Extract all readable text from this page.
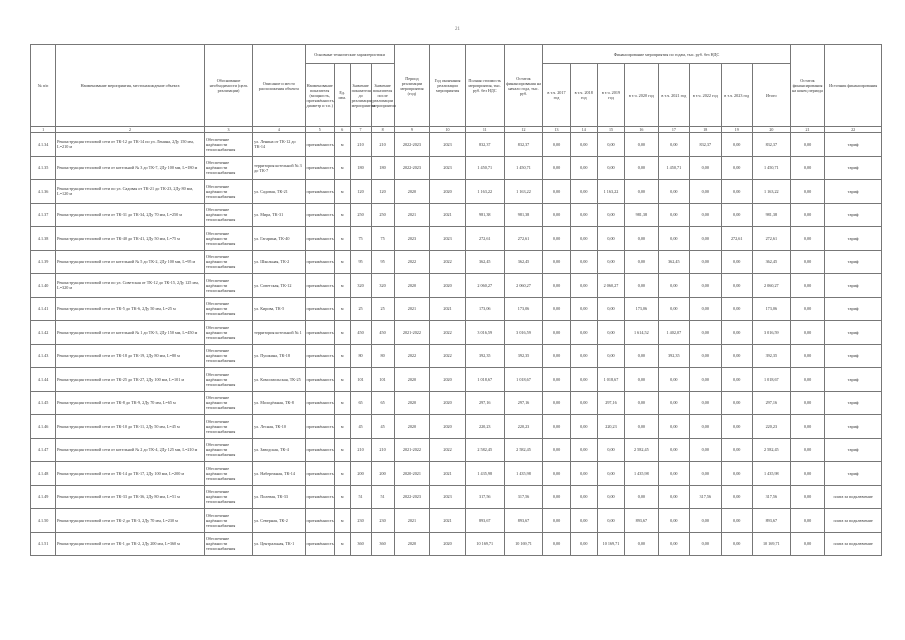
21
№ п/п	Наименование мероприятия, местонахождение объекта	Обоснование необходимости (цель реализации)	Описание и место расположения объекта	Основные технические характеристики				Период реализации мероприятия (год)	Год окончания реализации мероприятия	Полная стоимость мероприятия, тыс. руб. без НДС	Остаток финансирования на начало года, тыс. руб.	Финансирование мероприятия по годам, тыс. руб. без НДС								Остаток финансирования на конец периода	Источник финансирования
				Наименование показателя (мощность, протяжённость, диаметр и т.п.)	Ед. изм.	Значение показателя до реализации мероприятия	Значение показателя после реализации мероприятия					в т.ч. 2017 год	в т.ч. 2018 год	в т.ч. 2019 год	в т.ч. 2020 год	в т.ч. 2021 год	в т.ч. 2022 год	в т.ч. 2023 год	Итого		
1	2	3	4	5	6	7	8	9	10	11	12	13	14	15	16	17	18	19	20	21	22
4.1.34	Реконструкция тепловой сети от ТК-12 до ТК-14 по ул. Ленина, 2Ду 150 мм, L=210 м	Обеспечение надёжности теплоснабжения	ул. Ленина от ТК-12 до ТК-14	протяжённость	м	210	210	2022-2023	2023	832,37	832,37	0,00	0,00	0,00	0,00	0,00	832,37	0,00	832,37	0,00	тариф
4.1.35	Реконструкция тепловой сети от котельной № 3 до ТК-7, 2Ду 100 мм, L=180 м	Обеспечение надёжности теплоснабжения	территория котельной № 3 до ТК-7	протяжённость	м	180	180	2022-2023	2023	1 450,71	1 450,71	0,00	0,00	0,00	0,00	1 450,71	0,00	0,00	1 450,71	0,00	тариф
4.1.36	Реконструкция тепловой сети по ул. Садовая от ТК-21 до ТК-23, 2Ду 80 мм, L=120 м	Обеспечение надёжности теплоснабжения	ул. Садовая, ТК-21	протяжённость	м	120	120	2020	2020	1 163,22	1 163,22	0,00	0,00	1 163,22	0,00	0,00	0,00	0,00	1 163,22	0,00	тариф
4.1.37	Реконструкция тепловой сети от ТК-31 до ТК-34, 2Ду 70 мм, L=250 м	Обеспечение надёжности теплоснабжения	ул. Мира, ТК-31	протяжённость	м	250	250	2021	2021	981,38	981,38	0,00	0,00	0,00	981,38	0,00	0,00	0,00	981,38	0,00	тариф
4.1.38	Реконструкция тепловой сети от ТК-40 до ТК-41, 2Ду 50 мм, L=75 м	Обеспечение надёжности теплоснабжения	ул. Гагарина, ТК-40	протяжённость	м	75	75	2023	2023	272,61	272,61	0,00	0,00	0,00	0,00	0,00	0,00	272,61	272,61	0,00	тариф
4.1.39	Реконструкция тепловой сети от котельной № 5 до ТК-2, 2Ду 100 мм, L=95 м	Обеспечение надёжности теплоснабжения	ул. Школьная, ТК-2	протяжённость	м	95	95	2022	2022	362,45	362,45	0,00	0,00	0,00	0,00	362,45	0,00	0,00	362,45	0,00	тариф
4.1.40	Реконструкция тепловой сети по ул. Советская от ТК-12 до ТК-15, 2Ду 125 мм, L=320 м	Обеспечение надёжности теплоснабжения	ул. Советская, ТК-12	протяжённость	м	320	320	2020	2020	2 060,27	2 060,27	0,00	0,00	2 060,27	0,00	0,00	0,00	0,00	2 060,27	0,00	тариф
4.1.41	Реконструкция тепловой сети от ТК-5 до ТК-6, 2Ду 50 мм, L=25 м	Обеспечение надёжности теплоснабжения	ул. Кирова, ТК-5	протяжённость	м	25	25	2021	2021	173,06	173,06	0,00	0,00	0,00	173,06	0,00	0,00	0,00	173,06	0,00	тариф
4.1.42	Реконструкция тепловой сети от котельной № 1 до ТК-3, 2Ду 150 мм, L=450 м	Обеспечение надёжности теплоснабжения	территория котельной № 1	протяжённость	м	450	450	2021-2022	2022	3 016,59	3 016,59	0,00	0,00	0,00	1 614,52	1 402,07	0,00	0,00	3 016,59	0,00	тариф
4.1.43	Реконструкция тепловой сети от ТК-18 до ТК-19, 2Ду 80 мм, L=80 м	Обеспечение надёжности теплоснабжения	ул. Пушкина, ТК-18	протяжённость	м	80	80	2022	2022	392,35	392,35	0,00	0,00	0,00	0,00	392,35	0,00	0,00	392,35	0,00	тариф
4.1.44	Реконструкция тепловой сети от ТК-25 до ТК-27, 2Ду 100 мм, L=101 м	Обеспечение надёжности теплоснабжения	ул. Комсомольская, ТК-25	протяжённость	м	101	101	2020	2020	1 018,67	1 018,67	0,00	0,00	1 018,67	0,00	0,00	0,00	0,00	1 018,67	0,00	тариф
4.1.45	Реконструкция тепловой сети от ТК-8 до ТК-9, 2Ду 70 мм, L=65 м	Обеспечение надёжности теплоснабжения	ул. Молодёжная, ТК-8	протяжённость	м	65	65	2020	2020	297,16	297,16	0,00	0,00	297,16	0,00	0,00	0,00	0,00	297,16	0,00	тариф
4.1.46	Реконструкция тепловой сети от ТК-10 до ТК-11, 2Ду 50 мм, L=45 м	Обеспечение надёжности теплоснабжения	ул. Лесная, ТК-10	протяжённость	м	45	45	2020	2020	220,23	220,23	0,00	0,00	220,23	0,00	0,00	0,00	0,00	220,23	0,00	тариф
4.1.47	Реконструкция тепловой сети от котельной № 2 до ТК-4, 2Ду 125 мм, L=210 м	Обеспечение надёжности теплоснабжения	ул. Заводская, ТК-4	протяжённость	м	210	210	2021-2022	2022	2 582,45	2 582,45	0,00	0,00	0,00	2 582,45	0,00	0,00	0,00	2 582,45	0,00	тариф
4.1.48	Реконструкция тепловой сети от ТК-14 до ТК-17, 2Ду 100 мм, L=200 м	Обеспечение надёжности теплоснабжения	ул. Набережная, ТК-14	протяжённость	м	200	200	2020-2021	2021	1 435,98	1 435,98	0,00	0,00	0,00	1 435,98	0,00	0,00	0,00	1 435,98	0,00	тариф
4.1.49	Реконструкция тепловой сети от ТК-33 до ТК-36, 2Ду 80 мм, L=51 м	Обеспечение надёжности теплоснабжения	ул. Полевая, ТК-33	протяжённость	м	51	51	2022-2023	2023	317,56	317,56	0,00	0,00	0,00	0,00	0,00	317,56	0,00	317,56	0,00	плата за подключение
4.1.50	Реконструкция тепловой сети от ТК-2 до ТК-3, 2Ду 70 мм, L=230 м	Обеспечение надёжности теплоснабжения	ул. Северная, ТК-2	протяжённость	м	230	230	2021	2021	893,67	893,67	0,00	0,00	0,00	893,67	0,00	0,00	0,00	893,67	0,00	плата за подключение
4.1.51	Реконструкция тепловой сети от ТК-1 до ТК-2, 2Ду 200 мм, L=360 м	Обеспечение надёжности теплоснабжения	ул. Центральная, ТК-1	протяжённость	м	360	360	2020	2020	10 169,71	10 169,71	0,00	0,00	10 169,71	0,00	0,00	0,00	0,00	10 169,71	0,00	плата за подключение
